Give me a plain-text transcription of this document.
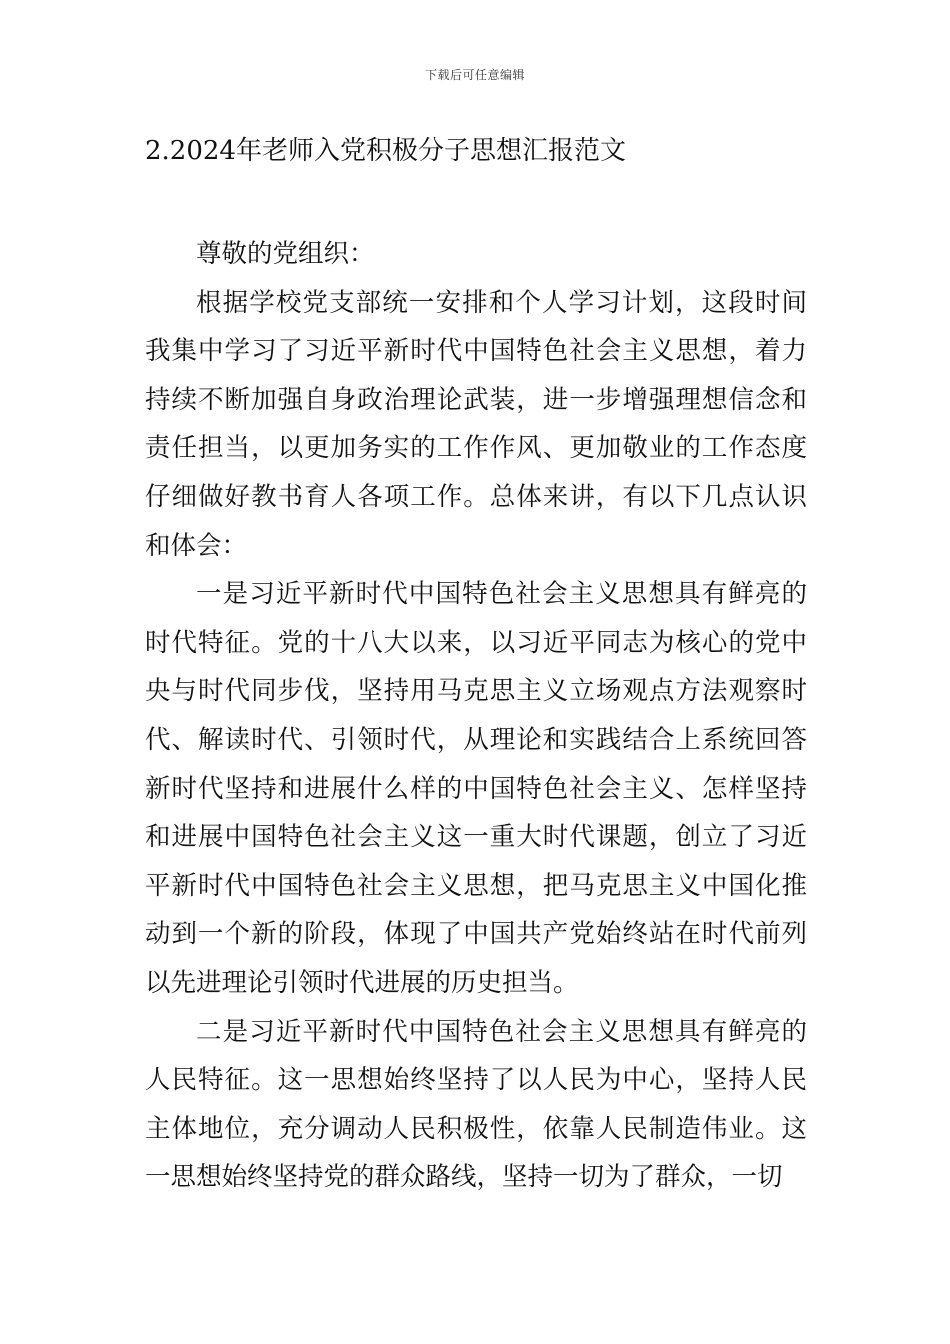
下载后可任意编辑
2.2024年老师入党积极分子思想汇报范文

尊敬的党组织：

根据学校党支部统一安排和个人学习计划，这段时间我集中学习了习近平新时代中国特色社会主义思想，着力持续不断加强自身政治理论武装，进一步增强理想信念和责任担当，以更加务实的工作作风、更加敬业的工作态度仔细做好教书育人各项工作。总体来讲，有以下几点认识和体会：

一是习近平新时代中国特色社会主义思想具有鲜亮的时代特征。党的十八大以来，以习近平同志为核心的党中央与时代同步伐，坚持用马克思主义立场观点方法观察时代、解读时代、引领时代，从理论和实践结合上系统回答新时代坚持和进展什么样的中国特色社会主义、怎样坚持和进展中国特色社会主义这一重大时代课题，创立了习近平新时代中国特色社会主义思想，把马克思主义中国化推动到一个新的阶段，体现了中国共产党始终站在时代前列以先进理论引领时代进展的历史担当。

二是习近平新时代中国特色社会主义思想具有鲜亮的人民特征。这一思想始终坚持了以人民为中心，坚持人民主体地位，充分调动人民积极性，依靠人民制造伟业。这一思想始终坚持党的群众路线，坚持一切为了群众，一切
